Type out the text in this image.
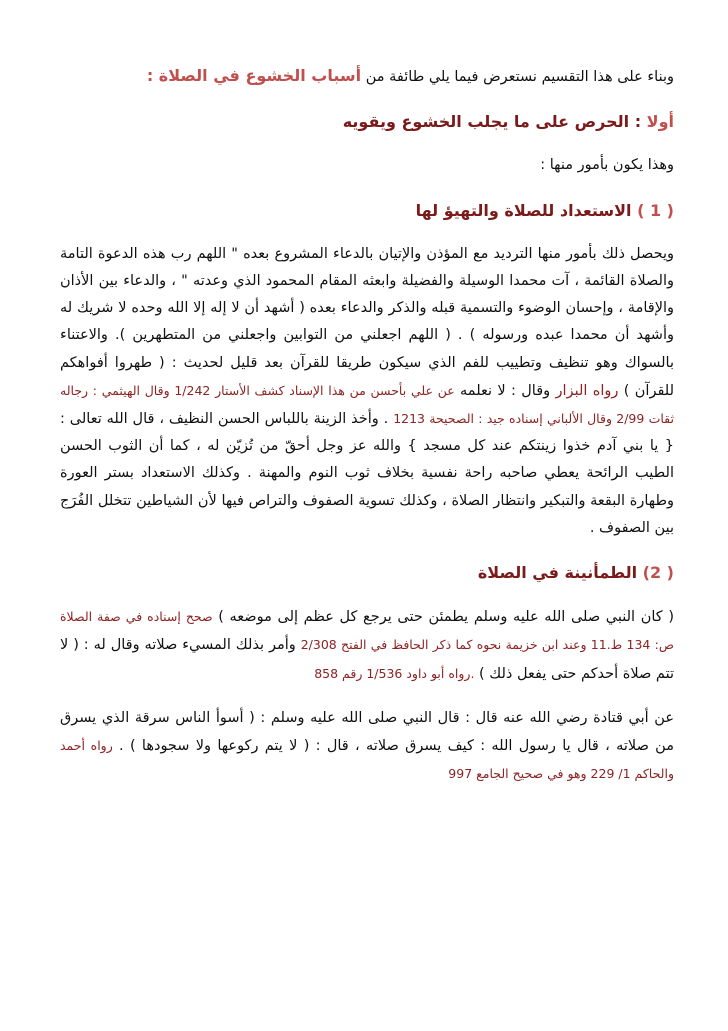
وبناء على هذا التقسيم نستعرض فيما يلي طائفة من أسباب الخشوع في الصلاة :

أولا : الحرص على ما يجلب الخشوع ويقويه

وهذا يكون بأمور منها :

( 1 ) الاستعداد للصلاة والتهيؤ لها

ويحصل ذلك بأمور منها الترديد مع المؤذن والإتيان بالدعاء المشروع بعده " اللهم رب هذه الدعوة التامة والصلاة القائمة ، آت محمدا الوسيلة والفضيلة وابعثه المقام المحمود الذي وعدته " ، والدعاء بين الأذان والإقامة ، وإحسان الوضوء والتسمية قبله والذكر والدعاء بعده ( أشهد أن لا إله إلا الله وحده لا شريك له وأشهد أن محمدا عبده ورسوله ) . ( اللهم اجعلني من التوابين واجعلني من المتطهرين ). والاعتناء بالسواك وهو تنظيف وتطييب للفم الذي سيكون طريقا للقرآن بعد قليل لحديث : ( طهروا أفواهكم للقرآن ) رواه البزار وقال : لا نعلمه عن علي بأحسن من هذا الإسناد كشف الأستار 1/242 وقال الهيثمي : رجاله ثقات 2/99 وقال الألباني إسناده جيد : الصحيحة 1213 . وأخذ الزينة باللباس الحسن النظيف ، قال الله تعالى :{ يا بني آدم خذوا زينتكم عند كل مسجد } والله عز وجل أحقّ من تُزيّن له ، كما أن الثوب الحسن الطيب الرائحة يعطي صاحبه راحة نفسية بخلاف ثوب النوم والمهنة . وكذلك الاستعداد بستر العورة وطهارة البقعة والتبكير وانتظار الصلاة ، وكذلك تسوية الصفوف والتراص فيها لأن الشياطين تتخلل الفُرَج بين الصفوف .

( 2) الطمأنينة في الصلاة

( كان النبي صلى الله عليه وسلم يطمئن حتى يرجع كل عظم إلى موضعه ) صحح إسناده في صفة الصلاة ص: 134 ط.11 وعند ابن خزيمة نحوه كما ذكر الحافظ في الفتح 2/308 وأمر بذلك المسيء صلاته وقال له : ( لا تتم صلاة أحدكم حتى يفعل ذلك ) .رواه أبو داود 1/536 رقم 858

عن أبي قتادة رضي الله عنه قال : قال النبي صلى الله عليه وسلم : ( أسوأ الناس سرقة الذي يسرق من صلاته ، قال يا رسول الله : كيف يسرق صلاته ، قال : ( لا يتم ركوعها ولا سجودها ) . رواه أحمد والحاكم 1/ 229 وهو في صحيح الجامع 997
